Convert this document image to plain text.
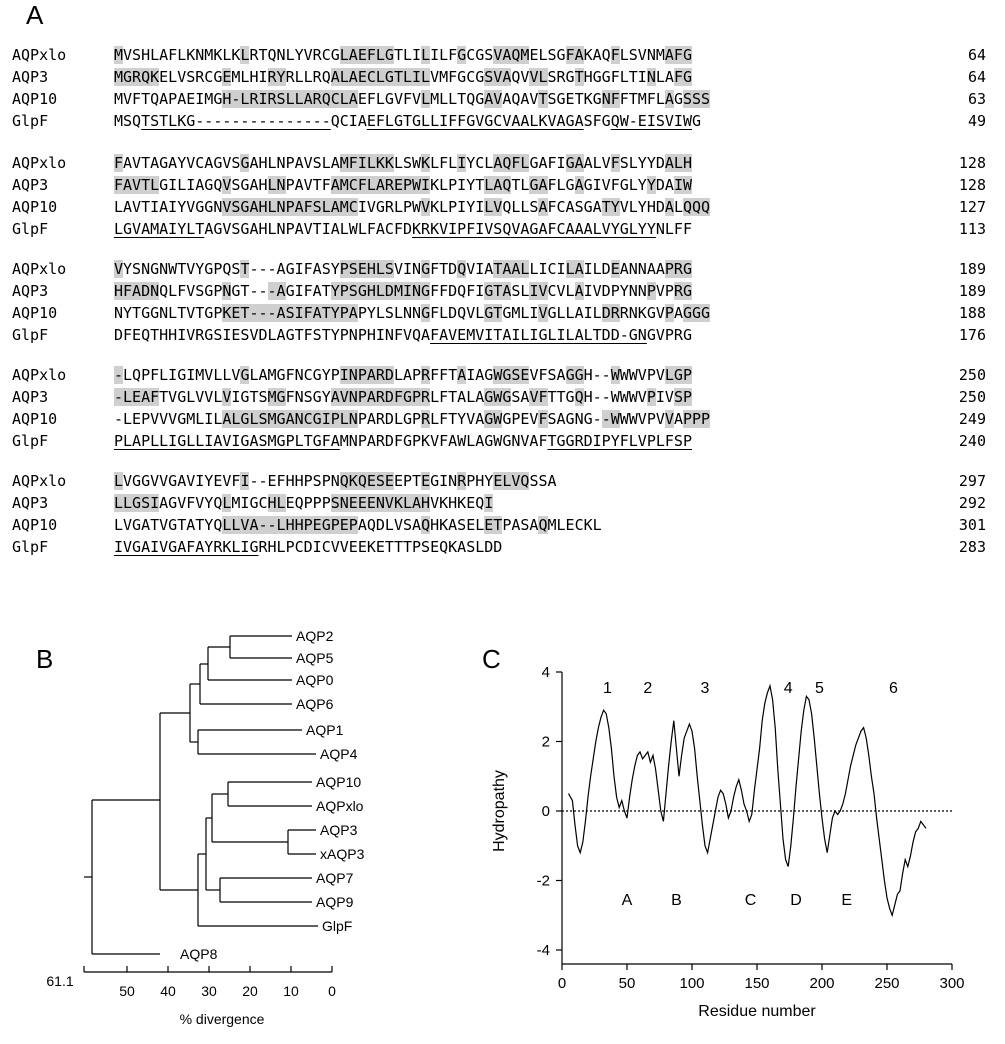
A
AQPxlo	MVSHLAFLKNMKLKLRTQNLYVRCGLAEFLGTLILILFGCGSVAQMELSGFAKAQFLSVNMAFG	64
AQP3	MGRQKELVSRCGEMLHIRYRLLRQALAECLGTLILVMFGCGSVAQVVLSRGTHGGFLTINLAFG	64
AQP10	MVFTQAPAEIMGH-LRIRSLLARQCLAEFLGVFVLMLLTQGAVAQAVTSGETKGNFFTMFLAGSSS	63
GlpF	MSQTSTLKG---------------QCIAEFLGTGLLIFFGVGCVAALKVAGASFGQW-EISVIWG	49
AQPxlo	FAVTAGAYVCAGVSGAHLNPAVSLAMFILKKLSWKLFLIYCLAQFLGAFIGAALVFSLYYDALH	128
AQP3	FAVTLGILIAGQVSGAHLNPAVTFAMCFLAREPWIKLPIYTLAQTLGAFLGAGIVFGLYYDAIW	128
AQP10	LAVTIAIYVGGNVSGAHLNPAFSLAMCIVGRLPWVKLPIYILVQLLSAFCASGATYVLYHDALQQQ	127
GlpF	LGVAMAIYLTAGVSGAHLNPAVTIALWLFACFDKRKVIPFIVSQVAGAFCAAALVYGLYYNLFF	113
AQPxlo	VYSNGNWTVYGPQST---AGIFASYPSEHLSVINGFTDQVIATAALLICILAILDEANNAAPRG	189
AQP3	HFADNQLFVSGPNGT---AGIFATYPSGHLDMINGFFDQFIGTASLIVCVLAIVDPYNNPVPRG	189
AQP10	NYTGGNLTVTGPKET---ASIFATYPAPYLSLNNGFLDQVLGTGMLIVGLLAILDRRNKGVPAGGG	188
GlpF	DFEQTHHIVRGSIESVDLAGTFSTYPNPHINFVQAFAVEMVITAILIGLILALTDD-GNGVPRG	176
AQPxlo	-LQPFLIGIMVLLVGLAMGFNCGYPINPARDLAPRFFTAIAGWGSEVFSAGGH--WWWVPVLGP	250
AQP3	-LEAFTVGLVVLVIGTSMGFNSGYAVNPARDFGPRLFTALAGWGSAVFTTGQH--WWWVPIVSP	250
AQP10	-LEPVVVGMLILALGLSMGANCGIPLNPARDLGPRLFTYVAGWGPEVFSAGNG--WWWVPVVAPPP	249
GlpF	PLAPLLIGLLIAVIGASMGPLTGFAMNPARDFGPKVFAWLAGWGNVAFTGGRDIPYFLVPLFSP	240
AQPxlo	LVGGVVGAVIYEVFI--EFHHPSPNQKQESEEPTEGINRPHYELVQSSA	297
AQP3	LLGSIAGVFVYQLMIGCHLEQPPPSNEEENVKLAHVKHKEQI	292
AQP10	LVGATVGTATYQLLVA--LHHPEGPEPAQDLVSAQHKASELETPASAQMLECKL	301
GlpF	IVGAIVGAFAYRKLIGRHLPCDICVVEEKETTTPSEQKASLDD	283
B
AQP2
AQP5
AQP0
AQP6
AQP1
AQP4
AQP10
AQPxlo
AQP3
xAQP3
AQP7
AQP9
GlpF
AQP8
61.1
50 40 30 20 10 0
% divergence
C
0	50	100	150	200	250	300
4
2
0
-2
-4
1 2	3	4 5	6
A B	C D E
Residue number
Hydropathy
